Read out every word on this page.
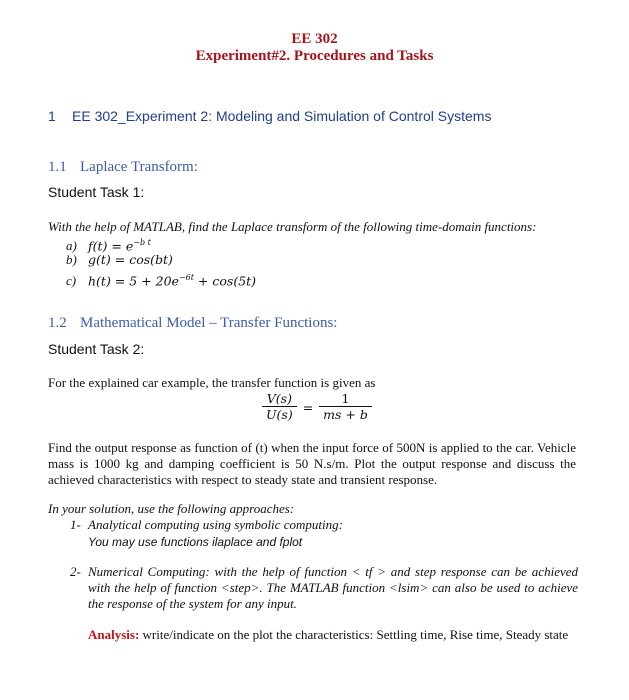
EE 302
Experiment#2. Procedures and Tasks
1 EE 302_Experiment 2: Modeling and Simulation of Control Systems
1.1 Laplace Transform:
Student Task 1:
With the help of MATLAB, find the Laplace transform of the following time-domain functions:
a) $f(t) = e^{-b t}$
b) g(t) = cos(bt)
c) $h(t) = 5 + 20e^{-6t} + \cos(5t)$
1.2 Mathematical Model – Transfer Functions:
Student Task 2:
For the explained car example, the transfer function is given as
$\frac{V(s)}{U(s)} = \frac{1}{ms + b}$
Find the output response as function of (t) when the input force of 500N is applied to the car. Vehicle mass is 1000 kg and damping coefficient is 50 N.s/m. Plot the output response and discuss the achieved characteristics with respect to steady state and transient response.
In your solution, use the following approaches:
1- Analytical computing using symbolic computing:
You may use functions ilaplace and fplot
2- Numerical Computing: with the help of function < tf > and step response can be achieved with the help of function <step>. The MATLAB function <lsim> can also be used to achieve the response of the system for any input.
Analysis: write/indicate on the plot the characteristics: Settling time, Rise time, Steady state
